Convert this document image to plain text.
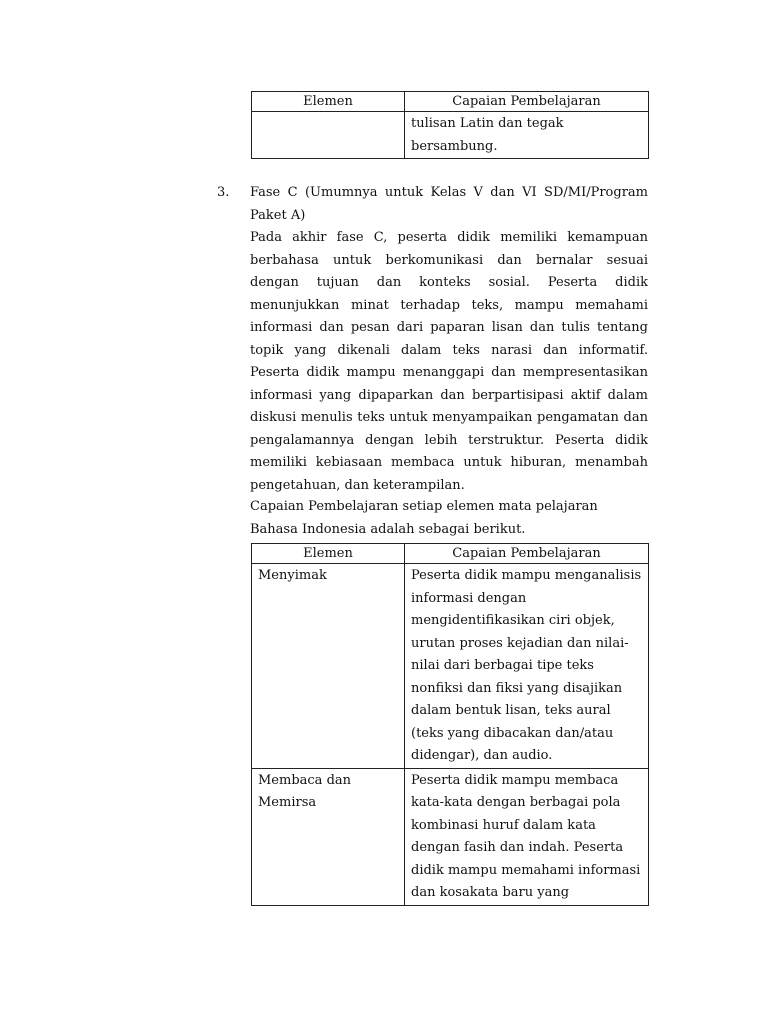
Elemen	Capaian Pembelajaran
	tulisan Latin dan tegak bersambung.
3. Fase C (Umumnya untuk Kelas V dan VI SD/MI/Program Paket A)
Pada akhir fase C, peserta didik memiliki kemampuan berbahasa untuk berkomunikasi dan bernalar sesuai dengan tujuan dan konteks sosial. Peserta didik menunjukkan minat terhadap teks, mampu memahami informasi dan pesan dari paparan lisan dan tulis tentang topik yang dikenali dalam teks narasi dan informatif. Peserta didik mampu menanggapi dan mempresentasikan informasi yang dipaparkan dan berpartisipasi aktif dalam diskusi menulis teks untuk menyampaikan pengamatan dan pengalamannya dengan lebih terstruktur. Peserta didik memiliki kebiasaan membaca untuk hiburan, menambah pengetahuan, dan keterampilan.
Capaian Pembelajaran setiap elemen mata pelajaran Bahasa Indonesia adalah sebagai berikut.
Elemen	Capaian Pembelajaran
Menyimak	Peserta didik mampu menganalisis informasi dengan mengidentifikasikan ciri objek, urutan proses kejadian dan nilai-nilai dari berbagai tipe teks nonfiksi dan fiksi yang disajikan dalam bentuk lisan, teks aural (teks yang dibacakan dan/atau didengar), dan audio.
Membaca dan Memirsa	Peserta didik mampu membaca kata-kata dengan berbagai pola kombinasi huruf dalam kata dengan fasih dan indah. Peserta didik mampu memahami informasi dan kosakata baru yang
